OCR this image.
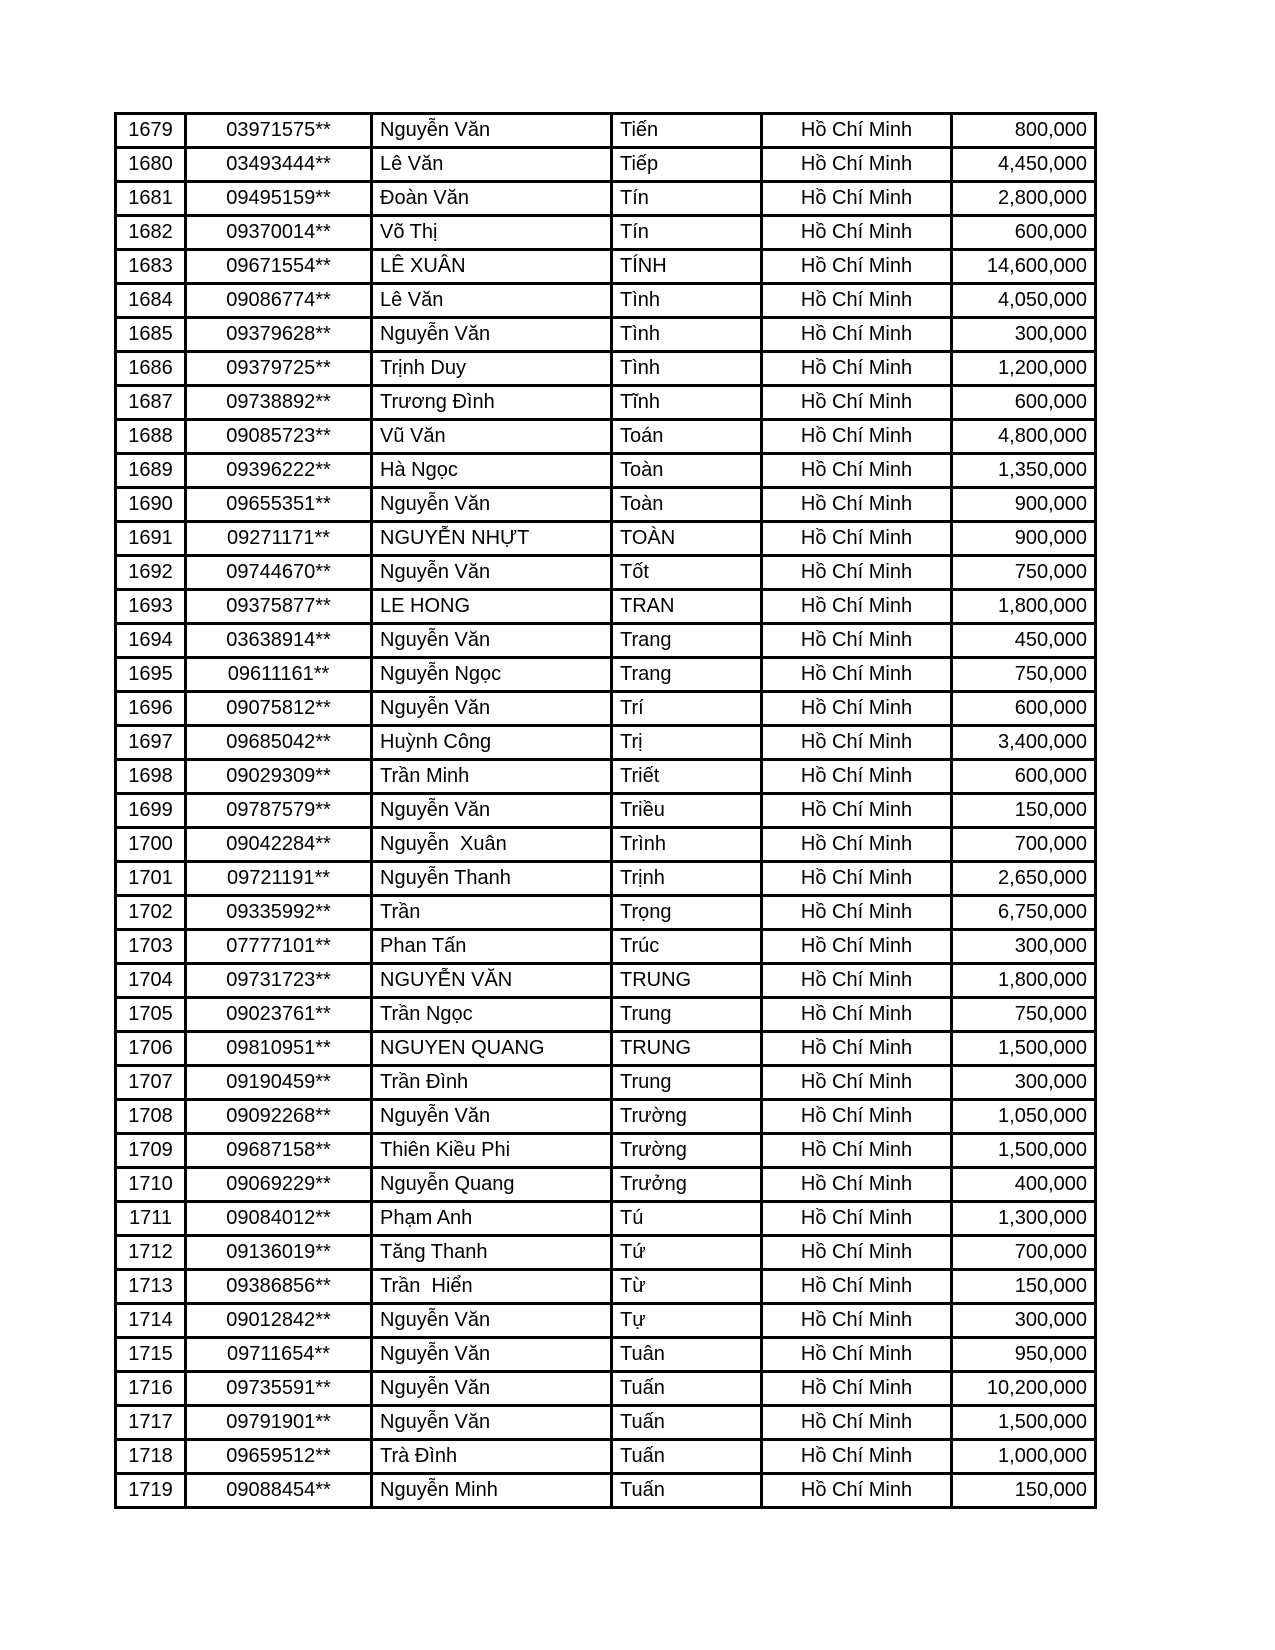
1679	03971575**	Nguyễn Văn	Tiến	Hồ Chí Minh	800,000
1680	03493444**	Lê Văn	Tiếp	Hồ Chí Minh	4,450,000
1681	09495159**	Đoàn Văn	Tín	Hồ Chí Minh	2,800,000
1682	09370014**	Võ Thị	Tín	Hồ Chí Minh	600,000
1683	09671554**	LÊ XUÂN	TÍNH	Hồ Chí Minh	14,600,000
1684	09086774**	Lê Văn	Tình	Hồ Chí Minh	4,050,000
1685	09379628**	Nguyễn Văn	Tình	Hồ Chí Minh	300,000
1686	09379725**	Trịnh Duy	Tình	Hồ Chí Minh	1,200,000
1687	09738892**	Trương Đình	Tĩnh	Hồ Chí Minh	600,000
1688	09085723**	Vũ Văn	Toán	Hồ Chí Minh	4,800,000
1689	09396222**	Hà Ngọc	Toàn	Hồ Chí Minh	1,350,000
1690	09655351**	Nguyễn Văn	Toàn	Hồ Chí Minh	900,000
1691	09271171**	NGUYỄN NHỰT	TOÀN	Hồ Chí Minh	900,000
1692	09744670**	Nguyễn Văn	Tốt	Hồ Chí Minh	750,000
1693	09375877**	LE HONG	TRAN	Hồ Chí Minh	1,800,000
1694	03638914**	Nguyễn Văn	Trang	Hồ Chí Minh	450,000
1695	09611161**	Nguyễn Ngọc	Trang	Hồ Chí Minh	750,000
1696	09075812**	Nguyễn Văn	Trí	Hồ Chí Minh	600,000
1697	09685042**	Huỳnh Công	Trị	Hồ Chí Minh	3,400,000
1698	09029309**	Trần Minh	Triết	Hồ Chí Minh	600,000
1699	09787579**	Nguyễn Văn	Triều	Hồ Chí Minh	150,000
1700	09042284**	Nguyễn  Xuân	Trình	Hồ Chí Minh	700,000
1701	09721191**	Nguyễn Thanh	Trịnh	Hồ Chí Minh	2,650,000
1702	09335992**	Trần	Trọng	Hồ Chí Minh	6,750,000
1703	07777101**	Phan Tấn	Trúc	Hồ Chí Minh	300,000
1704	09731723**	NGUYỄN VĂN	TRUNG	Hồ Chí Minh	1,800,000
1705	09023761**	Trần Ngọc	Trung	Hồ Chí Minh	750,000
1706	09810951**	NGUYEN QUANG	TRUNG	Hồ Chí Minh	1,500,000
1707	09190459**	Trần Đình	Trung	Hồ Chí Minh	300,000
1708	09092268**	Nguyễn Văn	Trường	Hồ Chí Minh	1,050,000
1709	09687158**	Thiên Kiều Phi	Trường	Hồ Chí Minh	1,500,000
1710	09069229**	Nguyễn Quang	Trưởng	Hồ Chí Minh	400,000
1711	09084012**	Phạm Anh	Tú	Hồ Chí Minh	1,300,000
1712	09136019**	Tăng Thanh	Tứ	Hồ Chí Minh	700,000
1713	09386856**	Trần  Hiển	Từ	Hồ Chí Minh	150,000
1714	09012842**	Nguyễn Văn	Tự	Hồ Chí Minh	300,000
1715	09711654**	Nguyễn Văn	Tuân	Hồ Chí Minh	950,000
1716	09735591**	Nguyễn Văn	Tuấn	Hồ Chí Minh	10,200,000
1717	09791901**	Nguyễn Văn	Tuấn	Hồ Chí Minh	1,500,000
1718	09659512**	Trà Đình	Tuấn	Hồ Chí Minh	1,000,000
1719	09088454**	Nguyễn Minh	Tuấn	Hồ Chí Minh	150,000
